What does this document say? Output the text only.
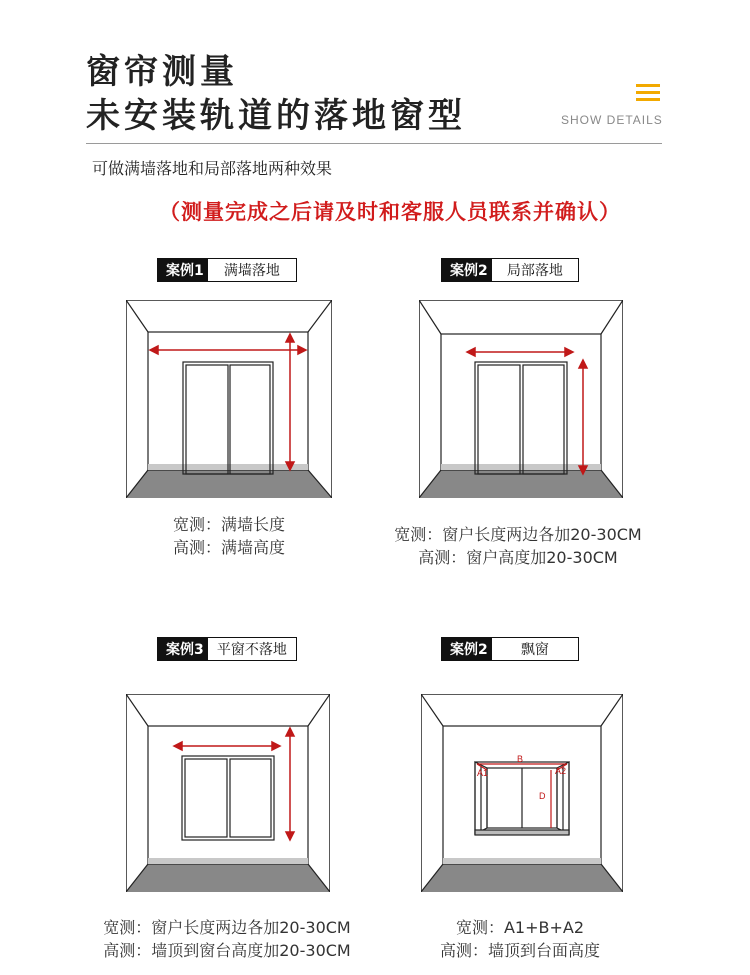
窗帘测量
未安装轨道的落地窗型	SHOW DETAILS
可做满墙落地和局部落地两种效果
（测量完成之后请及时和客服人员联系并确认）
案例1	满墙落地
宽测：满墙长度
高测：满墙高度
案例2	局部落地
宽测：窗户长度两边各加20-30CM
高测：窗户高度加20-30CM
案例3 平窗不落地
宽测：窗户长度两边各加20-30CM
高测：墙顶到窗台高度加20-30CM
案例2	飘窗
A1
B
A2
D
宽测：A1+B+A2
高测：墙顶到台面高度
